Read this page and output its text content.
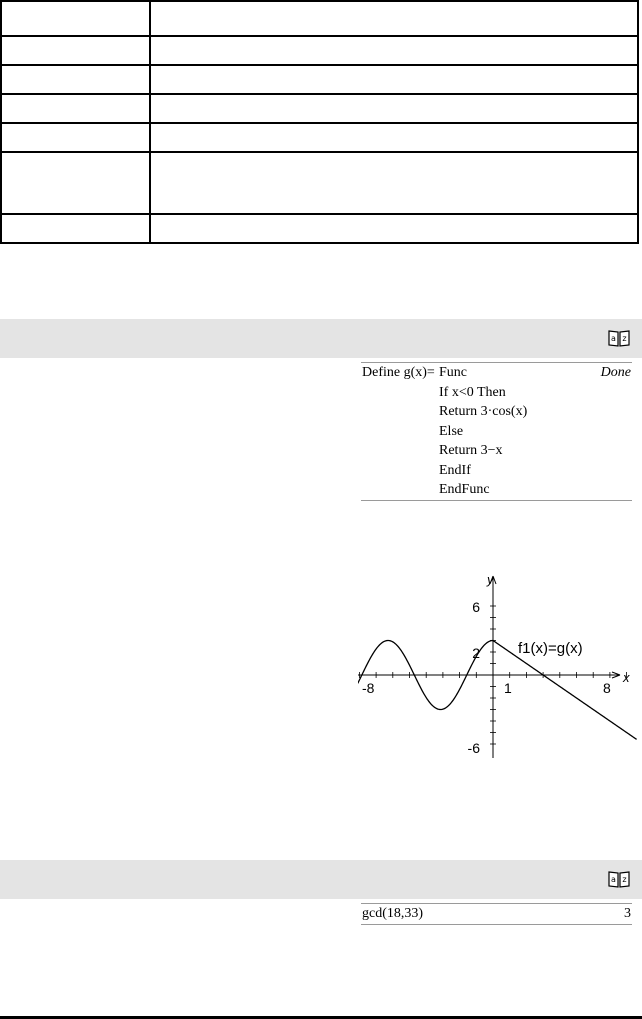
a z
Define g(x)= Func	Done
If x<0 Then
Return 3·cos(x)
Else
Return 3−x
EndIf
EndFunc
y
x
6
2
-6
-8	1	8
f1(x)=g(x)
a z
gcd(18,33)	3
